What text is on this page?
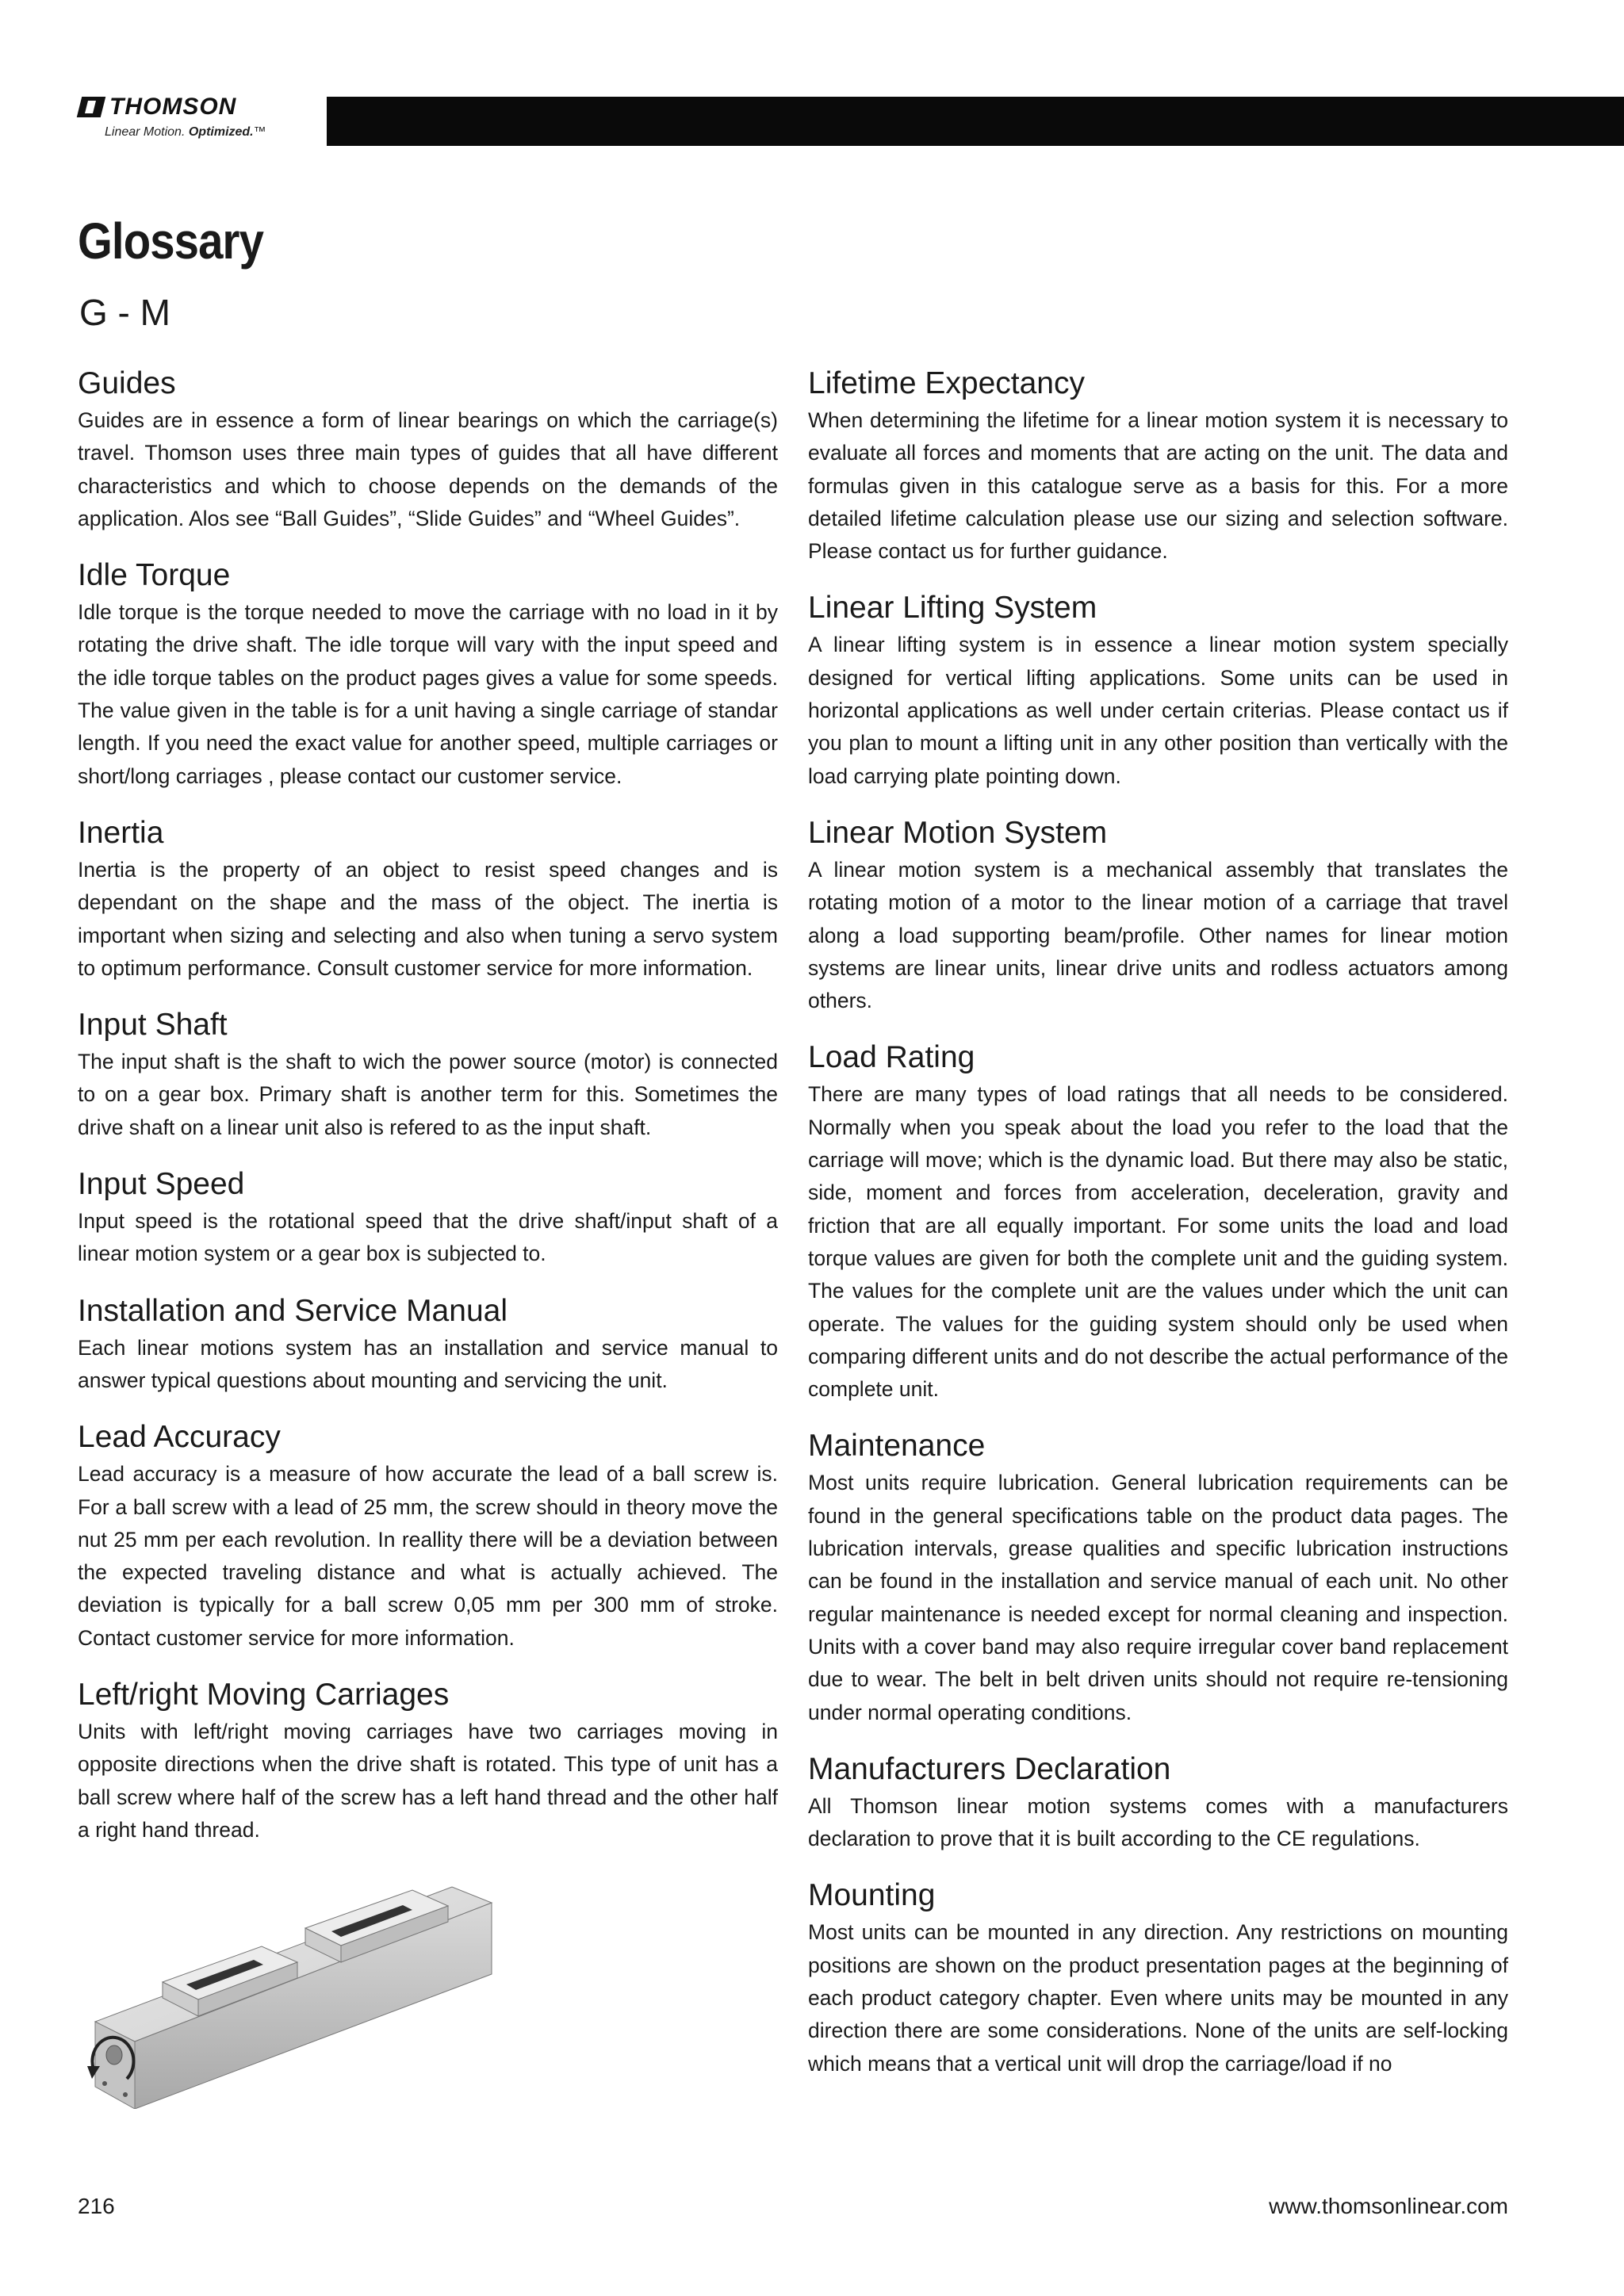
THOMSON
Linear Motion. Optimized.™
Glossary
G - M
Guides

Guides are in essence a form of linear bearings on which the carriage(s) travel. Thomson uses three main types of guides that all have different characteristics and which to choose depends on the demands of the application. Alos see “Ball Guides”, “Slide Guides” and “Wheel Guides”.

Idle Torque

Idle torque is the torque needed to move the carriage with no load in it by rotating the drive shaft. The idle torque will vary with the input speed and the idle torque tables on the product pages gives a value for some speeds. The value given in the table is for a unit having a single carriage of standar length. If you need the exact value for another speed, multiple carriages or short/long carriages , please contact our customer service.

Inertia

Inertia is the property of an object to resist speed changes and is dependant on the shape and the mass of the object. The inertia is important when sizing and selecting and also when tuning a servo system to optimum performance. Consult customer service for more information.

Input Shaft

The input shaft is the shaft to wich the power source (motor) is connected to on a gear box. Primary shaft is another term for this. Sometimes the drive shaft on a linear unit also is refered to as the input shaft.

Input Speed

Input speed is the rotational speed that the drive shaft/input shaft of a linear motion system or a gear box is subjected to.

Installation and Service Manual

Each linear motions system has an installation and service manual to answer typical questions about mounting and servicing the unit.

Lead Accuracy

Lead accuracy is a measure of how accurate the lead of a ball screw is. For a ball screw with a lead of 25 mm, the screw should in theory move the nut 25 mm per each revolution. In reallity there will be a deviation between the expected traveling distance and what is actually achieved. The deviation is typically for a ball screw 0,05 mm per 300 mm of stroke. Contact customer service for more information.

Left/right Moving Carriages

Units with left/right moving carriages have two carriages moving in opposite directions when the drive shaft is rotated. This type of unit has a ball screw where half of the screw has a left hand thread and the other half a right hand thread.

Lifetime Expectancy

When determining the lifetime for a linear motion system it is necessary to evaluate all forces and moments that are acting on the unit. The data and formulas given in this catalogue serve as a basis for this. For a more detailed lifetime calculation please use our sizing and selection software. Please contact us for further guidance.

Linear Lifting System

A linear lifting system is in essence a linear motion system specially designed for vertical lifting applications. Some units can be used in horizontal applications as well under certain criterias. Please contact us if you plan to mount a lifting unit in any other position than vertically with the load carrying plate pointing down.

Linear Motion System

A linear motion system is a mechanical assembly that translates the rotating motion of a motor to the linear motion of a carriage that travel along a load supporting beam/profile. Other names for linear motion systems are linear units, linear drive units and rodless actuators among others.

Load Rating

There are many types of load ratings that all needs to be considered. Normally when you speak about the load you refer to the load that the carriage will move; which is the dynamic load. But there may also be static, side, moment and forces from acceleration, deceleration, gravity and friction that are all equally important. For some units the load and load torque values are given for both the complete unit and the guiding system. The values for the complete unit are the values under which the unit can operate. The values for the guiding system should only be used when comparing different units and do not describe the actual performance of the complete unit.

Maintenance

Most units require lubrication. General lubrication requirements can be found in the general specifications table on the product data pages. The lubrication intervals, grease qualities and specific lubrication instructions can be found in the installation and service manual of each unit. No other regular maintenance is needed except for normal cleaning and inspection. Units with a cover band may also require irregular cover band replacement due to wear. The belt in belt driven units should not require re-tensioning under normal operating conditions.

Manufacturers Declaration

All Thomson linear motion systems comes with a manufacturers declaration to prove that it is built according to the CE regulations.

Mounting

Most units can be mounted in any direction. Any restrictions on mounting positions are shown on the product presentation pages at the beginning of each product category chapter. Even where units may be mounted in any direction there are some considerations. None of the units are self-locking which means that a vertical unit will drop the carriage/load if no

216	www.thomsonlinear.com
